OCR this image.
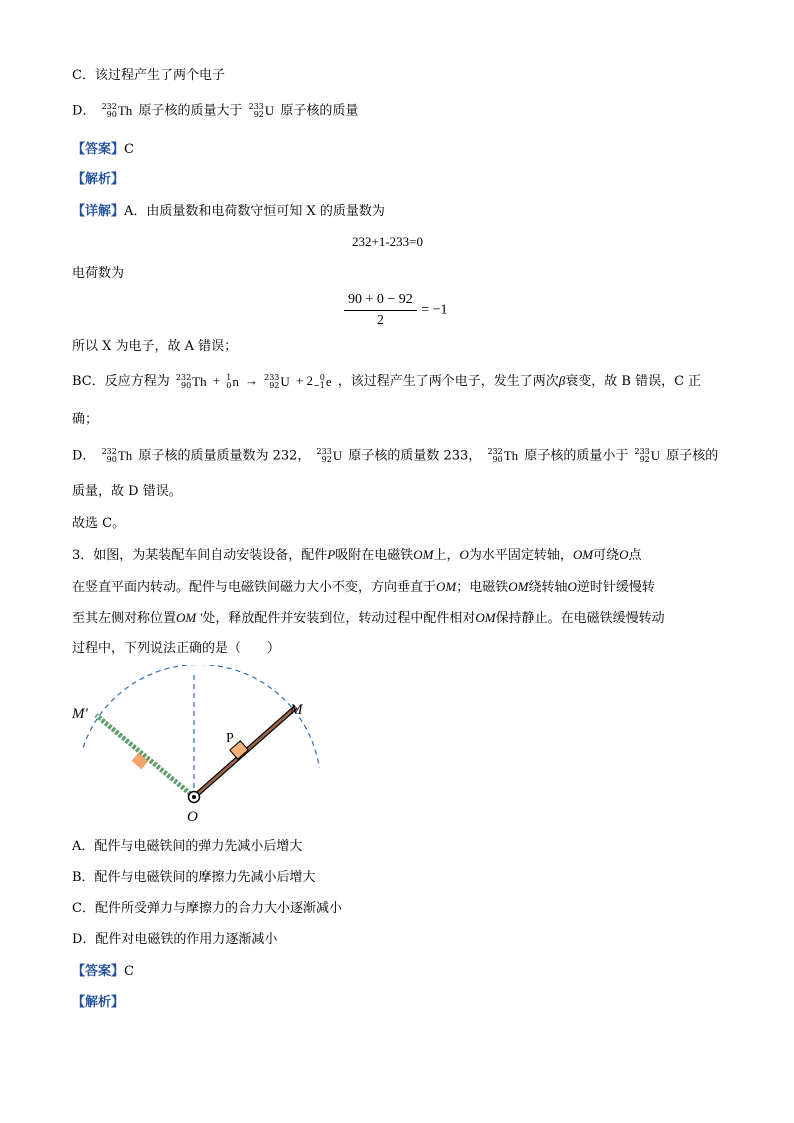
C．该过程产生了两个电子
D． 232
90 Th 原子核的质量大于 233
92 U 原子核的质量
【答案】C
【解析】
【详解】A．由质量数和电荷数守恒可知 X 的质量数为
232+1-233=0
电荷数为
$\frac{90 + 0 - 92}{2} = -1$
所以 X 为电子，故 A 错误；
BC．反应方程为 232
90 Th + 1
0 n → 233
92 U + 2 0
−1 e ，该过程产生了两个电子，发生了两次β衰变，故 B 错误，C 正
确；
D． 232
90 Th 原子核的质量质量数为 232， 233
92 U 原子核的质量数 233， 232
90 Th 原子核的质量小于 233
92 U 原子核的
质量，故 D 错误。
故选 C。
3．如图，为某装配车间自动安装设备，配件P吸附在电磁铁OM上，O为水平固定转轴，OM可绕O点
在竖直平面内转动。配件与电磁铁间磁力大小不变，方向垂直于OM；电磁铁OM绕转轴O逆时针缓慢转
至其左侧对称位置OM ′处，释放配件并安装到位，转动过程中配件相对OM保持静止。在电磁铁缓慢转动
过程中，下列说法正确的是（　　）
M′	M
P
O
A．配件与电磁铁间的弹力先减小后增大
B．配件与电磁铁间的摩擦力先减小后增大
C．配件所受弹力与摩擦力的合力大小逐渐减小
D．配件对电磁铁的作用力逐渐减小
【答案】C
【解析】
